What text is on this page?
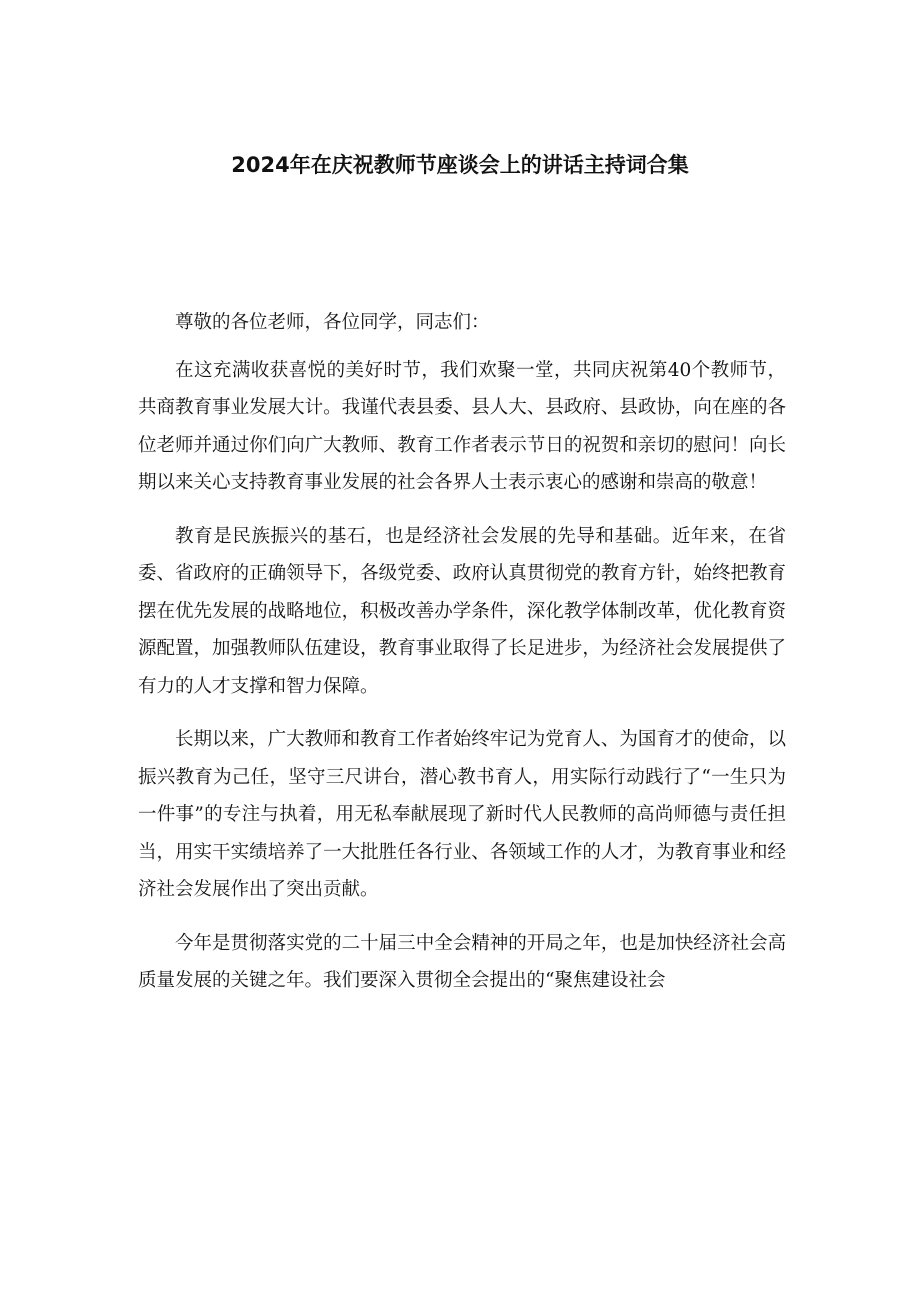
2024年在庆祝教师节座谈会上的讲话主持词合集

尊敬的各位老师，各位同学，同志们：

在这充满收获喜悦的美好时节，我们欢聚一堂，共同庆祝第40个教师节，共商教育事业发展大计。我谨代表县委、县人大、县政府、县政协，向在座的各位老师并通过你们向广大教师、教育工作者表示节日的祝贺和亲切的慰问！向长期以来关心支持教育事业发展的社会各界人士表示衷心的感谢和崇高的敬意！

教育是民族振兴的基石，也是经济社会发展的先导和基础。近年来，在省委、省政府的正确领导下，各级党委、政府认真贯彻党的教育方针，始终把教育摆在优先发展的战略地位，积极改善办学条件，深化教学体制改革，优化教育资源配置，加强教师队伍建设，教育事业取得了长足进步，为经济社会发展提供了有力的人才支撑和智力保障。

长期以来，广大教师和教育工作者始终牢记为党育人、为国育才的使命，以振兴教育为己任，坚守三尺讲台，潜心教书育人，用实际行动践行了“一生只为一件事”的专注与执着，用无私奉献展现了新时代人民教师的高尚师德与责任担当，用实干实绩培养了一大批胜任各行业、各领域工作的人才，为教育事业和经济社会发展作出了突出贡献。

今年是贯彻落实党的二十届三中全会精神的开局之年，也是加快经济社会高质量发展的关键之年。我们要深入贯彻全会提出的“聚焦建设社会
